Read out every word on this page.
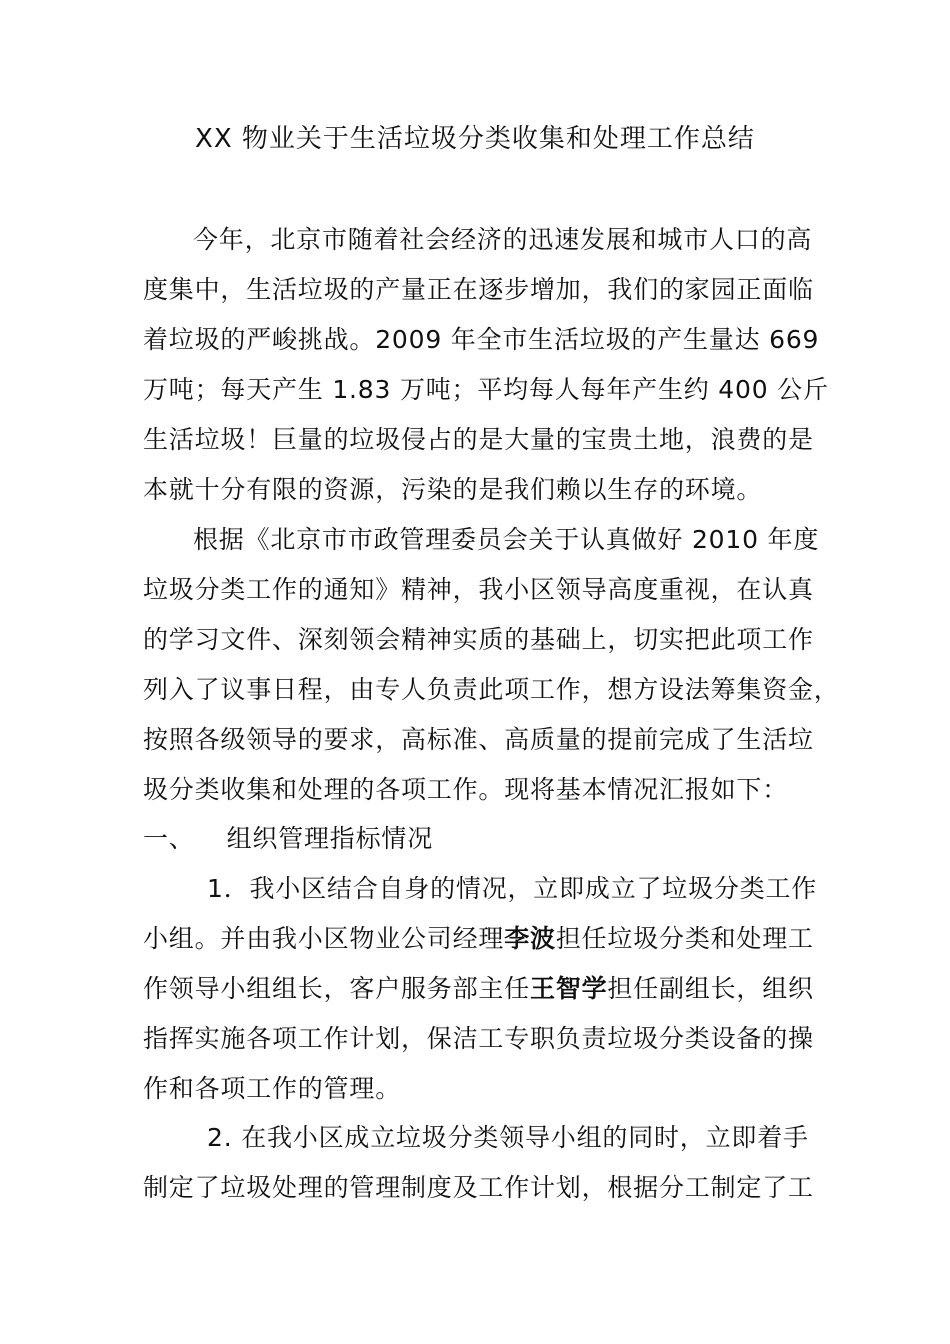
XX 物业关于生活垃圾分类收集和处理工作总结
今年，北京市随着社会经济的迅速发展和城市人口的高
度集中，生活垃圾的产量正在逐步增加，我们的家园正面临
着垃圾的严峻挑战。2009 年全市生活垃圾的产生量达 669
万吨；每天产生 1.83 万吨；平均每人每年产生约 400 公斤
生活垃圾！巨量的垃圾侵占的是大量的宝贵土地，浪费的是
本就十分有限的资源，污染的是我们赖以生存的环境。
根据《北京市市政管理委员会关于认真做好 2010 年度
垃圾分类工作的通知》精神，我小区领导高度重视，在认真
的学习文件、深刻领会精神实质的基础上，切实把此项工作
列入了议事日程，由专人负责此项工作，想方设法筹集资金，
按照各级领导的要求，高标准、高质量的提前完成了生活垃
圾分类收集和处理的各项工作。现将基本情况汇报如下：
一、 组织管理指标情况
1．我小区结合自身的情况，立即成立了垃圾分类工作
小组。并由我小区物业公司经理李波担任垃圾分类和处理工
作领导小组组长，客户服务部主任王智学担任副组长，组织
指挥实施各项工作计划，保洁工专职负责垃圾分类设备的操
作和各项工作的管理。
2. 在我小区成立垃圾分类领导小组的同时，立即着手
制定了垃圾处理的管理制度及工作计划，根据分工制定了工
